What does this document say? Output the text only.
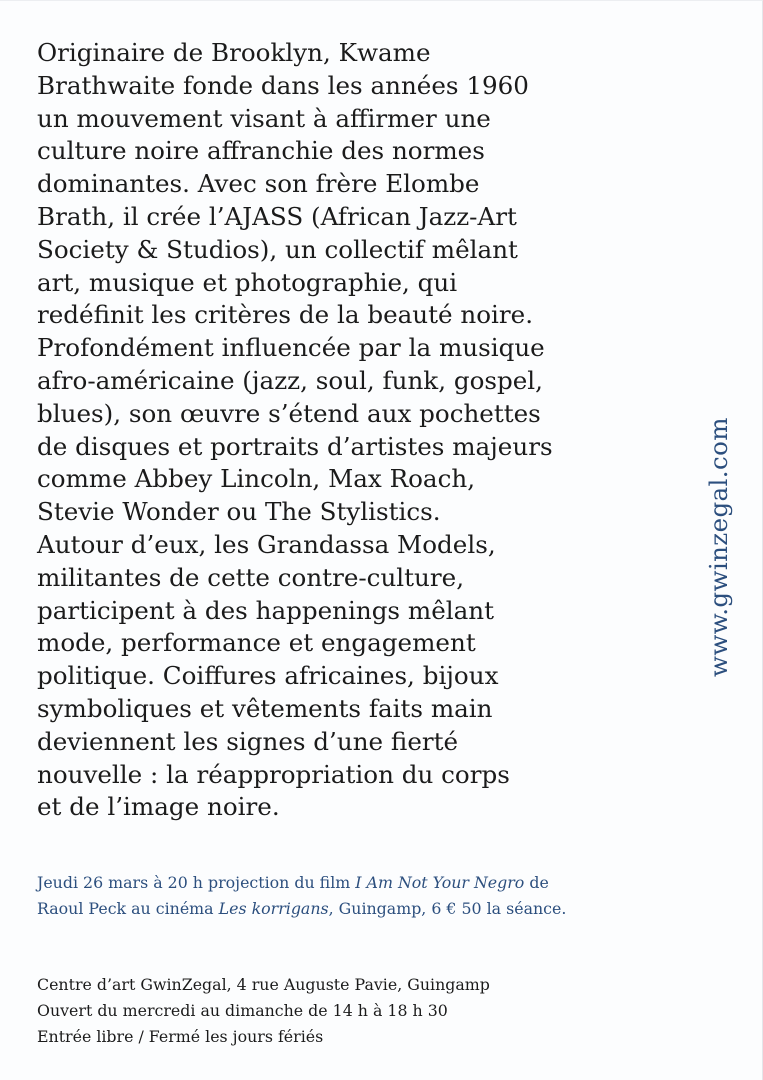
Originaire de Brooklyn, Kwame
Brathwaite fonde dans les années 1960
un mouvement visant à affirmer une
culture noire affranchie des normes
dominantes. Avec son frère Elombe
Brath, il crée l’AJASS (African Jazz-Art
Society & Studios), un collectif mêlant
art, musique et photographie, qui
redéfinit les critères de la beauté noire.
Profondément influencée par la musique
afro-américaine (jazz, soul, funk, gospel,
blues), son œuvre s’étend aux pochettes
de disques et portraits d’artistes majeurs
comme Abbey Lincoln, Max Roach,
Stevie Wonder ou The Stylistics.
Autour d’eux, les Grandassa Models,
militantes de cette contre-culture,
participent à des happenings mêlant
mode, performance et engagement
politique. Coiffures africaines, bijoux
symboliques et vêtements faits main
deviennent les signes d’une fierté
nouvelle : la réappropriation du corps
et de l’image noire.

Jeudi 26 mars à 20 h projection du film I Am Not Your Negro de
Raoul Peck au cinéma Les korrigans, Guingamp, 6 € 50 la séance.

Centre d’art GwinZegal, 4 rue Auguste Pavie, Guingamp
Ouvert du mercredi au dimanche de 14 h à 18 h 30
Entrée libre / Fermé les jours fériés

www.gwinzegal.com
